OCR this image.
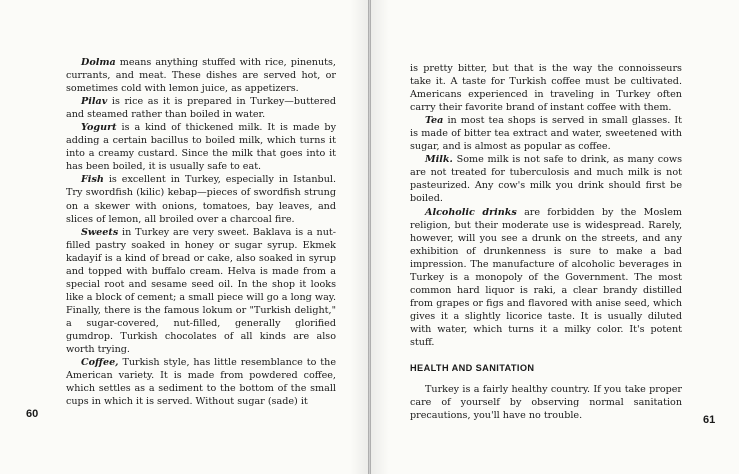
Dolma means anything stuffed with rice, pinenuts, currants, and meat. These dishes are served hot, or sometimes cold with lemon juice, as appetizers.

Pilav is rice as it is prepared in Turkey—buttered and steamed rather than boiled in water.

Yogurt is a kind of thickened milk. It is made by adding a certain bacillus to boiled milk, which turns it into a creamy custard. Since the milk that goes into it has been boiled, it is usually safe to eat.

Fish is excellent in Turkey, especially in Istanbul. Try swordfish (kilic) kebap—pieces of swordfish strung on a skewer with onions, tomatoes, bay leaves, and slices of lemon, all broiled over a charcoal fire.

Sweets in Turkey are very sweet. Baklava is a nut-filled pastry soaked in honey or sugar syrup. Ekmek kadayif is a kind of bread or cake, also soaked in syrup and topped with buffalo cream. Helva is made from a special root and sesame seed oil. In the shop it looks like a block of cement; a small piece will go a long way. Finally, there is the famous lokum or "Turkish delight," a sugar-covered, nut-filled, generally glorified gumdrop. Turkish chocolates of all kinds are also worth trying.

Coffee, Turkish style, has little resemblance to the American variety. It is made from powdered coffee, which settles as a sediment to the bottom of the small cups in which it is served. Without sugar (sade) it

is pretty bitter, but that is the way the connoisseurs take it. A taste for Turkish coffee must be cultivated. Americans experienced in traveling in Turkey often carry their favorite brand of instant coffee with them.

Tea in most tea shops is served in small glasses. It is made of bitter tea extract and water, sweetened with sugar, and is almost as popular as coffee.

Milk. Some milk is not safe to drink, as many cows are not treated for tuberculosis and much milk is not pasteurized. Any cow's milk you drink should first be boiled.

Alcoholic drinks are forbidden by the Moslem religion, but their moderate use is widespread. Rarely, however, will you see a drunk on the streets, and any exhibition of drunkenness is sure to make a bad impression. The manufacture of alcoholic beverages in Turkey is a monopoly of the Government. The most common hard liquor is raki, a clear brandy distilled from grapes or figs and flavored with anise seed, which gives it a slightly licorice taste. It is usually diluted with water, which turns it a milky color. It's potent stuff.

HEALTH AND SANITATION

Turkey is a fairly healthy country. If you take proper care of yourself by observing normal sanitation precautions, you'll have no trouble.

60	61
